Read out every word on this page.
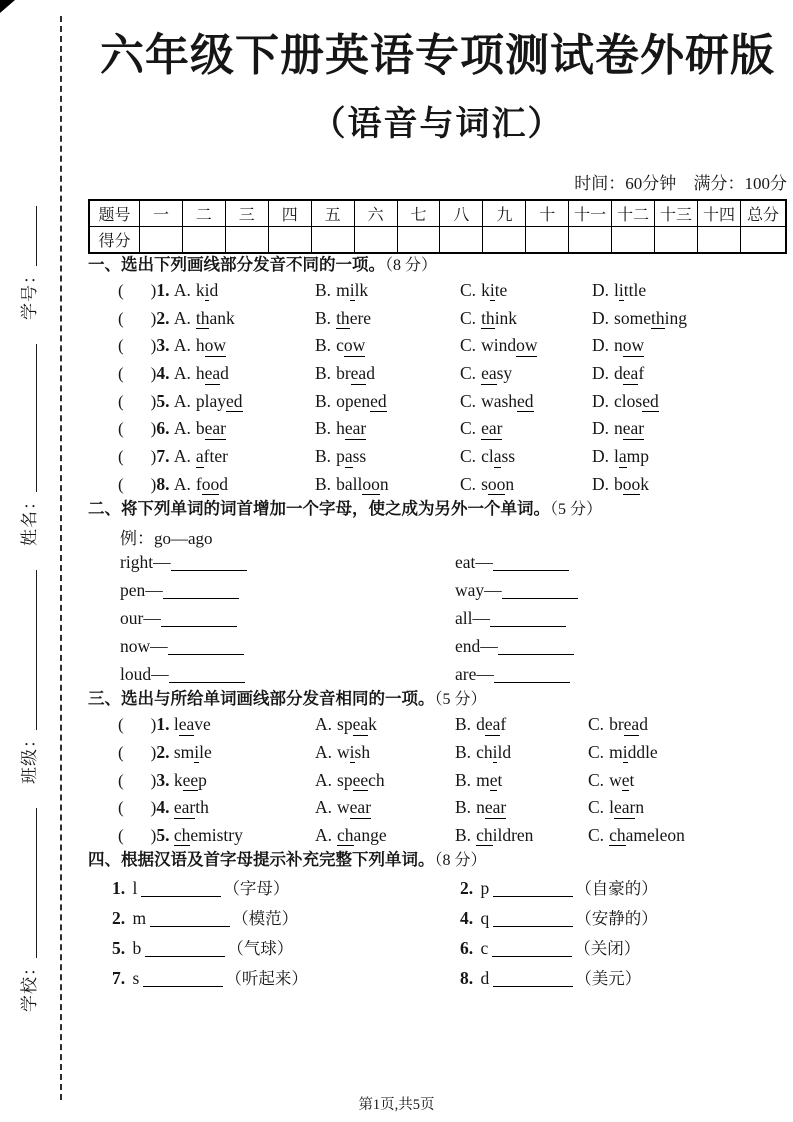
学校：班级：姓名：学号：
六年级下册英语专项测试卷外研版
（语音与词汇）
时间：60分钟 满分：100分
题号	一	二	三	四	五	六	七	八	九	十	十一	十二	十三	十四	总分
得分															
一、选出下列画线部分发音不同的一项。（8 分）
( )1. A. kid	B. milk	C. kite	D. little
( )2. A. thank	B. there	C. think	D. something
( )3. A. how	B. cow	C. window	D. now
( )4. A. head	B. bread	C. easy	D. deaf
( )5. A. played	B. opened	C. washed	D. closed
( )6. A. bear	B. hear	C. ear	D. near
( )7. A. after	B. pass	C. class	D. lamp
( )8. A. food	B. balloon	C. soon	D. book
二、将下列单词的词首增加一个字母，使之成为另外一个单词。（5 分）
例：go—ago
right—	eat—
pen—	way—
our—	all—
now—	end—
loud—	are—
三、选出与所给单词画线部分发音相同的一项。（5 分）
( )1. leave	A. speak	B. deaf	C. bread
( )2. smile	A. wish	B. child	C. middle
( )3. keep	A. speech	B. met	C. wet
( )4. earth	A. wear	B. near	C. learn
( )5. chemistry	A. change	B. children	C. chameleon
四、根据汉语及首字母提示补充完整下列单词。（8 分）
1. l	（字母）	2. p	（自豪的）
2. m	（模范）	4. q	（安静的）
5. b	（气球）	6. c	（关闭）
7. s	（听起来）	8. d	（美元）
第1页,共5页
